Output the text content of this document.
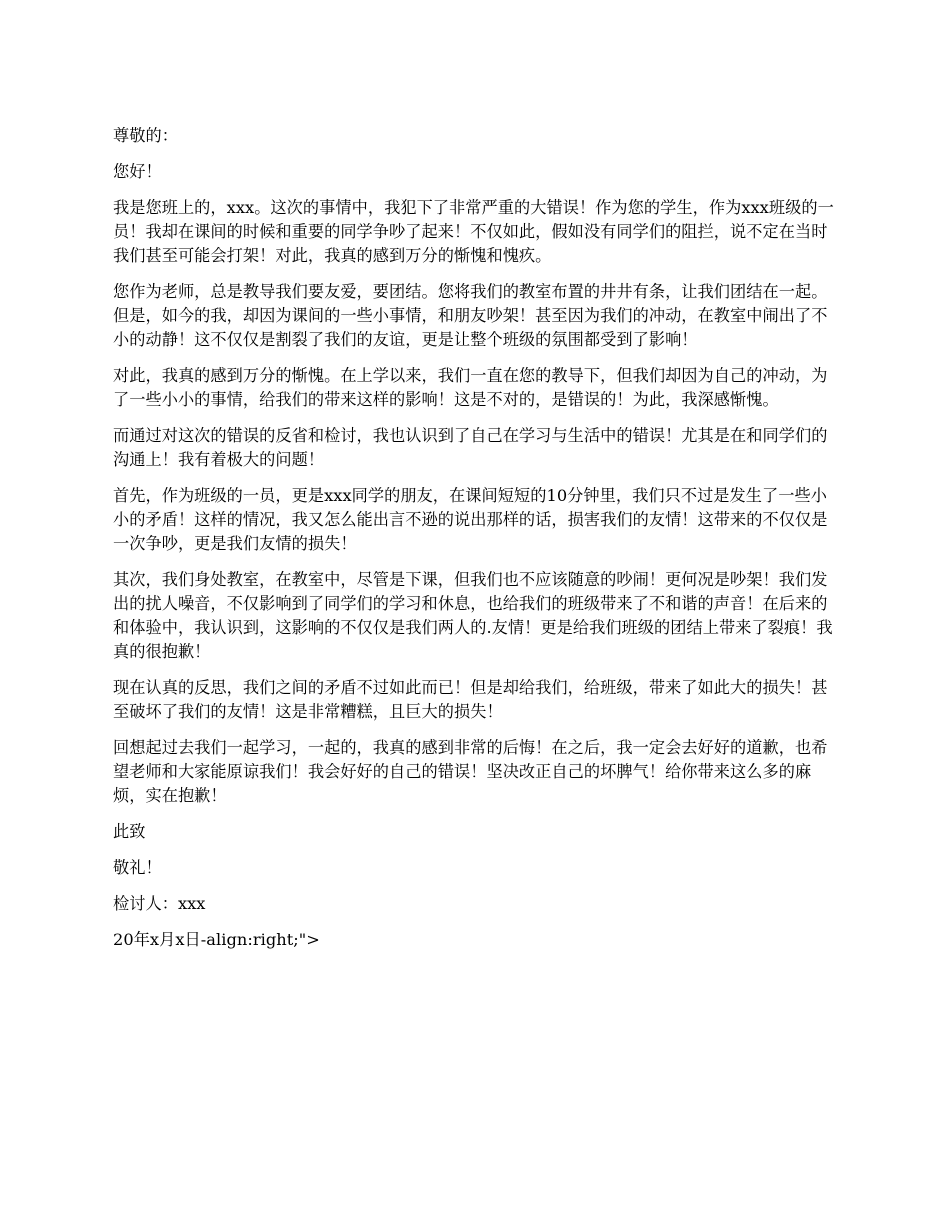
尊敬的：

您好！

我是您班上的，xxx。这次的事情中，我犯下了非常严重的大错误！作为您的学生，作为xxx班级的一员！我却在课间的时候和重要的同学争吵了起来！不仅如此，假如没有同学们的阻拦，说不定在当时我们甚至可能会打架！对此，我真的感到万分的惭愧和愧疚。

您作为老师，总是教导我们要友爱，要团结。您将我们的教室布置的井井有条，让我们团结在一起。但是，如今的我，却因为课间的一些小事情，和朋友吵架！甚至因为我们的冲动，在教室中闹出了不小的动静！这不仅仅是割裂了我们的友谊，更是让整个班级的氛围都受到了影响！

对此，我真的感到万分的惭愧。在上学以来，我们一直在您的教导下，但我们却因为自己的冲动，为了一些小小的事情，给我们的带来这样的影响！这是不对的，是错误的！为此，我深感惭愧。

而通过对这次的错误的反省和检讨，我也认识到了自己在学习与生活中的错误！尤其是在和同学们的沟通上！我有着极大的问题！

首先，作为班级的一员，更是xxx同学的朋友，在课间短短的10分钟里，我们只不过是发生了一些小小的矛盾！这样的情况，我又怎么能出言不逊的说出那样的话，损害我们的友情！这带来的不仅仅是一次争吵，更是我们友情的损失！

其次，我们身处教室，在教室中，尽管是下课，但我们也不应该随意的吵闹！更何况是吵架！我们发出的扰人噪音，不仅影响到了同学们的学习和休息，也给我们的班级带来了不和谐的声音！在后来的和体验中，我认识到，这影响的不仅仅是我们两人的.友情！更是给我们班级的团结上带来了裂痕！我真的很抱歉！

现在认真的反思，我们之间的矛盾不过如此而已！但是却给我们，给班级，带来了如此大的损失！甚至破坏了我们的友情！这是非常糟糕，且巨大的损失！

回想起过去我们一起学习，一起的，我真的感到非常的后悔！在之后，我一定会去好好的道歉，也希望老师和大家能原谅我们！我会好好的自己的错误！坚决改正自己的坏脾气！给你带来这么多的麻烦，实在抱歉！

此致

敬礼！

检讨人：xxx

20年x月x日-align:right;">
